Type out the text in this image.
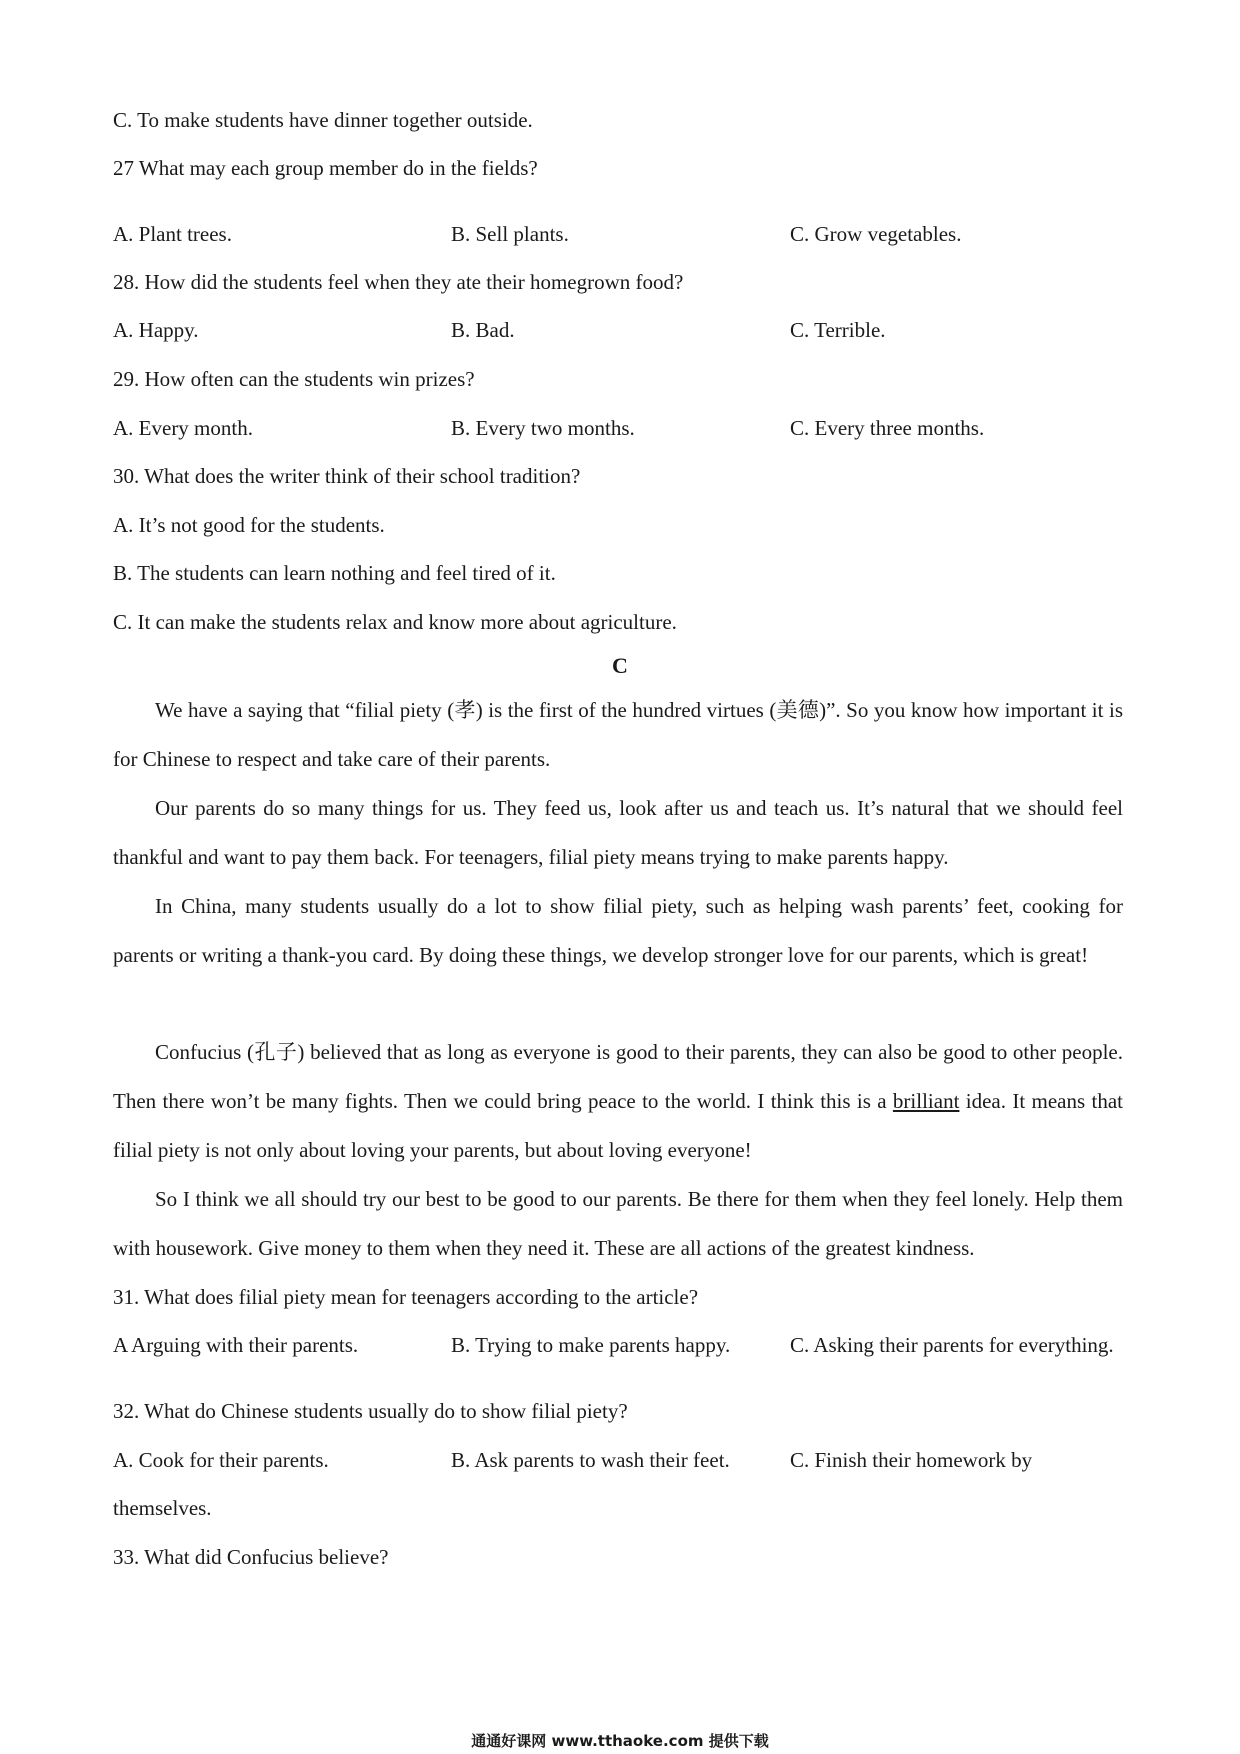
C. To make students have dinner together outside.
27 What may each group member do in the fields?
A. Plant trees.	B. Sell plants.	C. Grow vegetables.
28. How did the students feel when they ate their homegrown food?
A. Happy.	B. Bad.	C. Terrible.
29. How often can the students win prizes?
A. Every month.	B. Every two months.	C. Every three months.
30. What does the writer think of their school tradition?
A. It’s not good for the students.
B. The students can learn nothing and feel tired of it.
C. It can make the students relax and know more about agriculture.
C
We have a saying that “filial piety (孝) is the first of the hundred virtues (美德)”. So you know how important it is for Chinese to respect and take care of their parents.
Our parents do so many things for us. They feed us, look after us and teach us. It’s natural that we should feel thankful and want to pay them back. For teenagers, filial piety means trying to make parents happy.
In China, many students usually do a lot to show filial piety, such as helping wash parents’ feet, cooking for parents or writing a thank-you card. By doing these things, we develop stronger love for our parents, which is great!
Confucius (孔子) believed that as long as everyone is good to their parents, they can also be good to other people. Then there won’t be many fights. Then we could bring peace to the world. I think this is a brilliant idea. It means that filial piety is not only about loving your parents, but about loving everyone!
So I think we all should try our best to be good to our parents. Be there for them when they feel lonely. Help them with housework. Give money to them when they need it. These are all actions of the greatest kindness.
31. What does filial piety mean for teenagers according to the article?
A Arguing with their parents.	B. Trying to make parents happy.	C. Asking their parents for everything.
32. What do Chinese students usually do to show filial piety?
A. Cook for their parents.	B. Ask parents to wash their feet.	C. Finish their homework by
themselves.
33. What did Confucius believe?
通通好课网 www.tthaoke.com 提供下载
